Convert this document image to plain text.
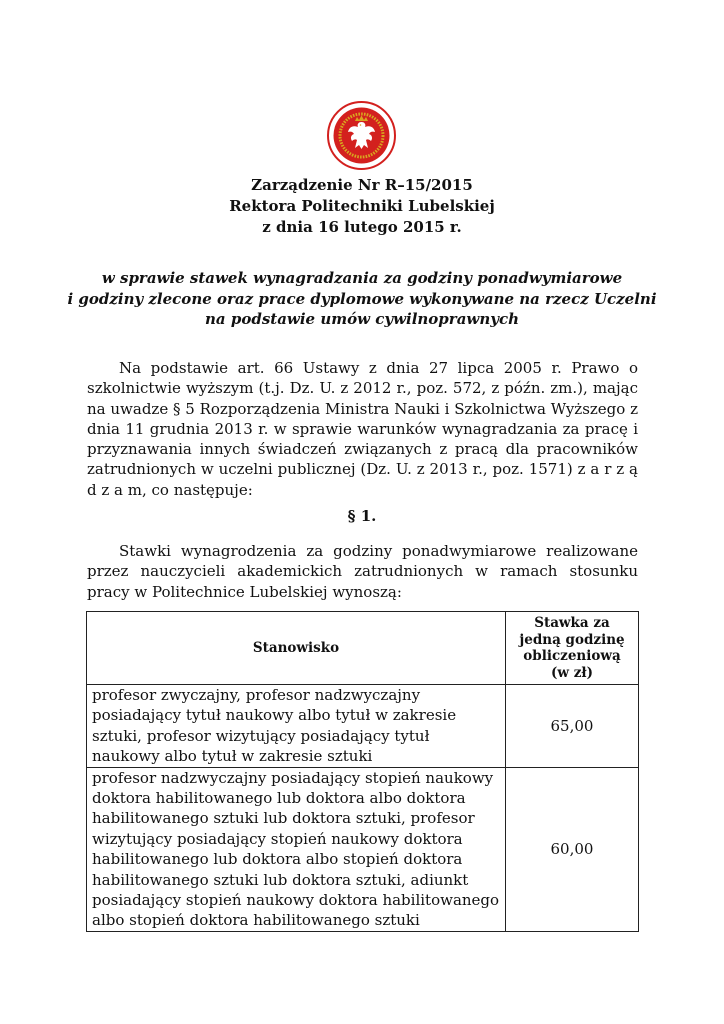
Zarządzenie Nr R–15/2015
Rektora Politechniki Lubelskiej
z dnia 16 lutego 2015 r.
w sprawie stawek wynagradzania za godziny ponadwymiarowe
i godziny zlecone oraz prace dyplomowe wykonywane na rzecz Uczelni
na podstawie umów cywilnoprawnych

Na podstawie art. 66 Ustawy z dnia 27 lipca 2005 r. Prawo o szkolnictwie wyższym (t.j. Dz. U. z 2012 r., poz. 572, z późn. zm.), mając na uwadze § 5 Rozporządzenia Ministra Nauki i Szkolnictwa Wyższego z dnia 11 grudnia 2013 r. w sprawie warunków wynagradzania za pracę i przyznawania innych świadczeń związanych z pracą dla pracowników zatrudnionych w uczelni publicznej (Dz. U. z 2013 r., poz. 1571) z a r z ą d z a m, co następuje:

§ 1.

Stawki wynagrodzenia za godziny ponadwymiarowe realizowane przez nauczycieli akademickich zatrudnionych w ramach stosunku pracy w Politechnice Lubelskiej wynoszą:

Stanowisko	Stawka za
jedną godzinę
obliczeniową
(w zł)

profesor zwyczajny, profesor nadzwyczajny posiadający tytuł naukowy albo tytuł w zakresie sztuki, profesor wizytujący posiadający tytuł naukowy albo tytuł w zakresie sztuki	65,00
profesor nadzwyczajny posiadający stopień naukowy doktora habilitowanego lub doktora albo doktora habilitowanego sztuki lub doktora sztuki, profesor wizytujący posiadający stopień naukowy doktora habilitowanego lub doktora albo stopień doktora habilitowanego sztuki lub doktora sztuki, adiunkt posiadający stopień naukowy doktora habilitowanego albo stopień doktora habilitowanego sztuki	60,00
